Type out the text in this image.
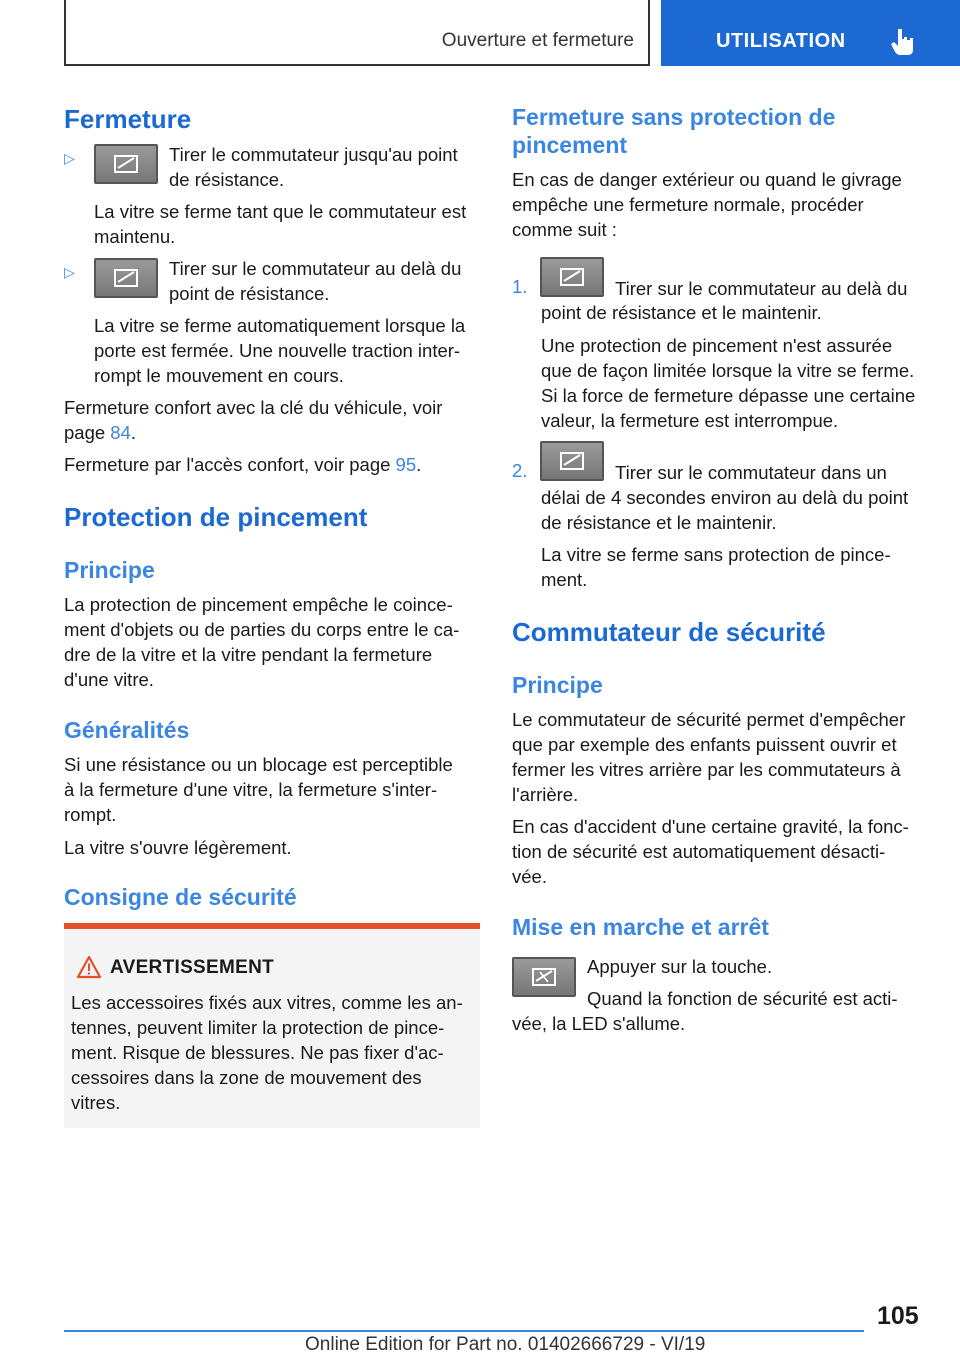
Ouverture et fermeture	UTILISATION
Fermeture
▷	Tirer le commutateur jusqu'au point
de résistance.
La vitre se ferme tant que le commutateur est
maintenu.
▷	Tirer sur le commutateur au delà du
point de résistance.
La vitre se ferme automatiquement lorsque la
porte est fermée. Une nouvelle traction inter-
rompt le mouvement en cours.
Fermeture confort avec la clé du véhicule, voir
page 84.
Fermeture par l'accès confort, voir page 95.
Protection de pincement
Principe
La protection de pincement empêche le coince-
ment d'objets ou de parties du corps entre le ca-
dre de la vitre et la vitre pendant la fermeture
d'une vitre.
Généralités
Si une résistance ou un blocage est perceptible
à la fermeture d'une vitre, la fermeture s'inter-
rompt.
La vitre s'ouvre légèrement.
Consigne de sécurité
AVERTISSEMENT
Les accessoires fixés aux vitres, comme les an-
tennes, peuvent limiter la protection de pince-
ment. Risque de blessures. Ne pas fixer d'ac-
cessoires dans la zone de mouvement des
vitres.
Fermeture sans protection de
pincement
En cas de danger extérieur ou quand le givrage
empêche une fermeture normale, procéder
comme suit :
1.	Tirer sur le commutateur au delà du
point de résistance et le maintenir.
Une protection de pincement n'est assurée
que de façon limitée lorsque la vitre se ferme.
Si la force de fermeture dépasse une certaine
valeur, la fermeture est interrompue.
2.	Tirer sur le commutateur dans un
délai de 4 secondes environ au delà du point
de résistance et le maintenir.
La vitre se ferme sans protection de pince-
ment.
Commutateur de sécurité
Principe
Le commutateur de sécurité permet d'empêcher
que par exemple des enfants puissent ouvrir et
fermer les vitres arrière par les commutateurs à
l'arrière.
En cas d'accident d'une certaine gravité, la fonc-
tion de sécurité est automatiquement désacti-
vée.
Mise en marche et arrêt
Appuyer sur la touche.
Quand la fonction de sécurité est acti-
vée, la LED s'allume.
105
Online Edition for Part no. 01402666729 - VI/19
